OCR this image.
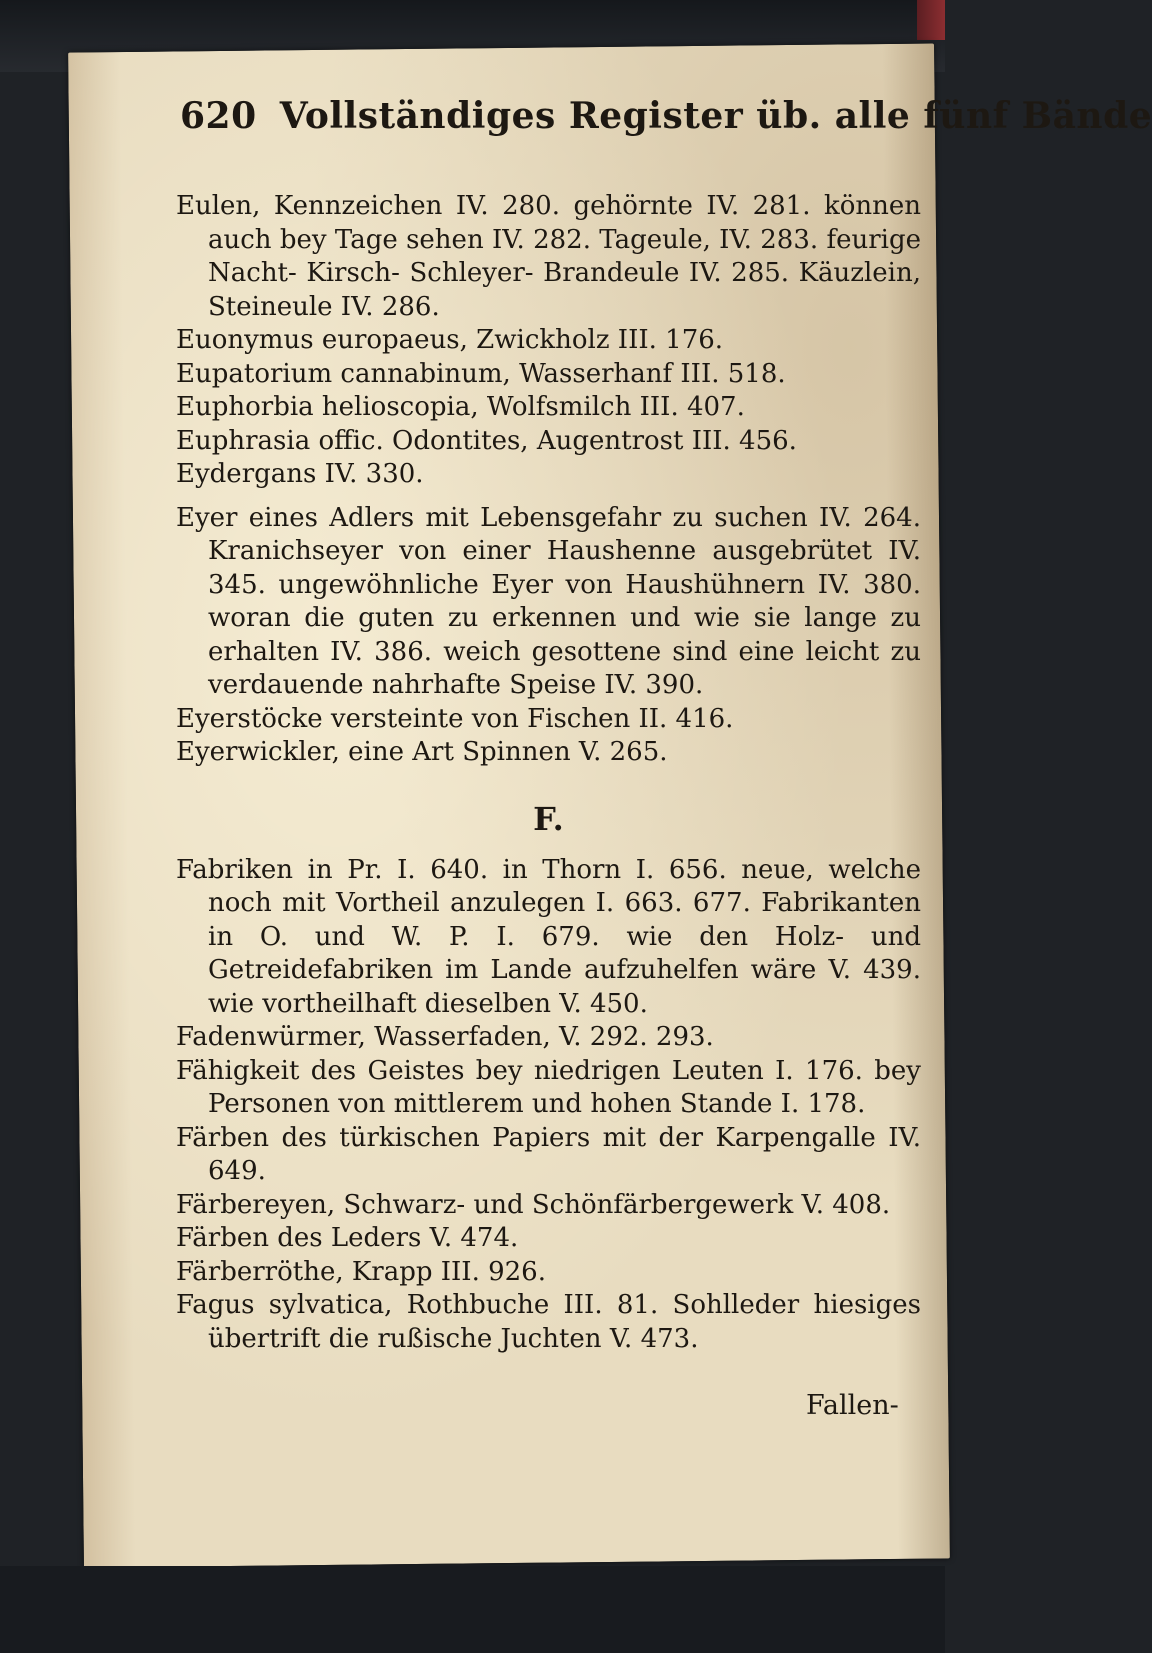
620 Vollständiges Register üb. alle fünf Bände
Eulen, Kennzeichen IV. 280. gehörnte IV. 281. können auch bey Tage sehen IV. 282. Tageule, IV. 283. feurige Nacht- Kirsch- Schleyer- Brandeule IV. 285. Käuzlein, Steineule IV. 286.
Euonymus europaeus, Zwickholz III. 176.
Eupatorium cannabinum, Wasserhanf III. 518.
Euphorbia helioscopia, Wolfsmilch III. 407.
Euphrasia offic. Odontites, Augentrost III. 456.
Eydergans IV. 330.
Eyer eines Adlers mit Lebensgefahr zu suchen IV. 264. Kranichseyer von einer Haushenne ausgebrütet IV. 345. ungewöhnliche Eyer von Haushühnern IV. 380. woran die guten zu erkennen und wie sie lange zu erhalten IV. 386. weich gesottene sind eine leicht zu verdauende nahrhafte Speise IV. 390.
Eyerstöcke versteinte von Fischen II. 416.
Eyerwickler, eine Art Spinnen V. 265.
F.
Fabriken in Pr. I. 640. in Thorn I. 656. neue, welche noch mit Vortheil anzulegen I. 663. 677. Fabrikanten in O. und W. P. I. 679. wie den Holz- und Getreidefabriken im Lande aufzuhelfen wäre V. 439. wie vortheilhaft dieselben V. 450.
Fadenwürmer, Wasserfaden, V. 292. 293.
Fähigkeit des Geistes bey niedrigen Leuten I. 176. bey Personen von mittlerem und hohen Stande I. 178.
Färben des türkischen Papiers mit der Karpengalle IV. 649.
Färbereyen, Schwarz- und Schönfärbergewerk V. 408.
Färben des Leders V. 474.
Färberröthe, Krapp III. 926.
Fagus sylvatica, Rothbuche III. 81. Sohlleder hiesiges übertrift die rußische Juchten V. 473.
Fallen-
